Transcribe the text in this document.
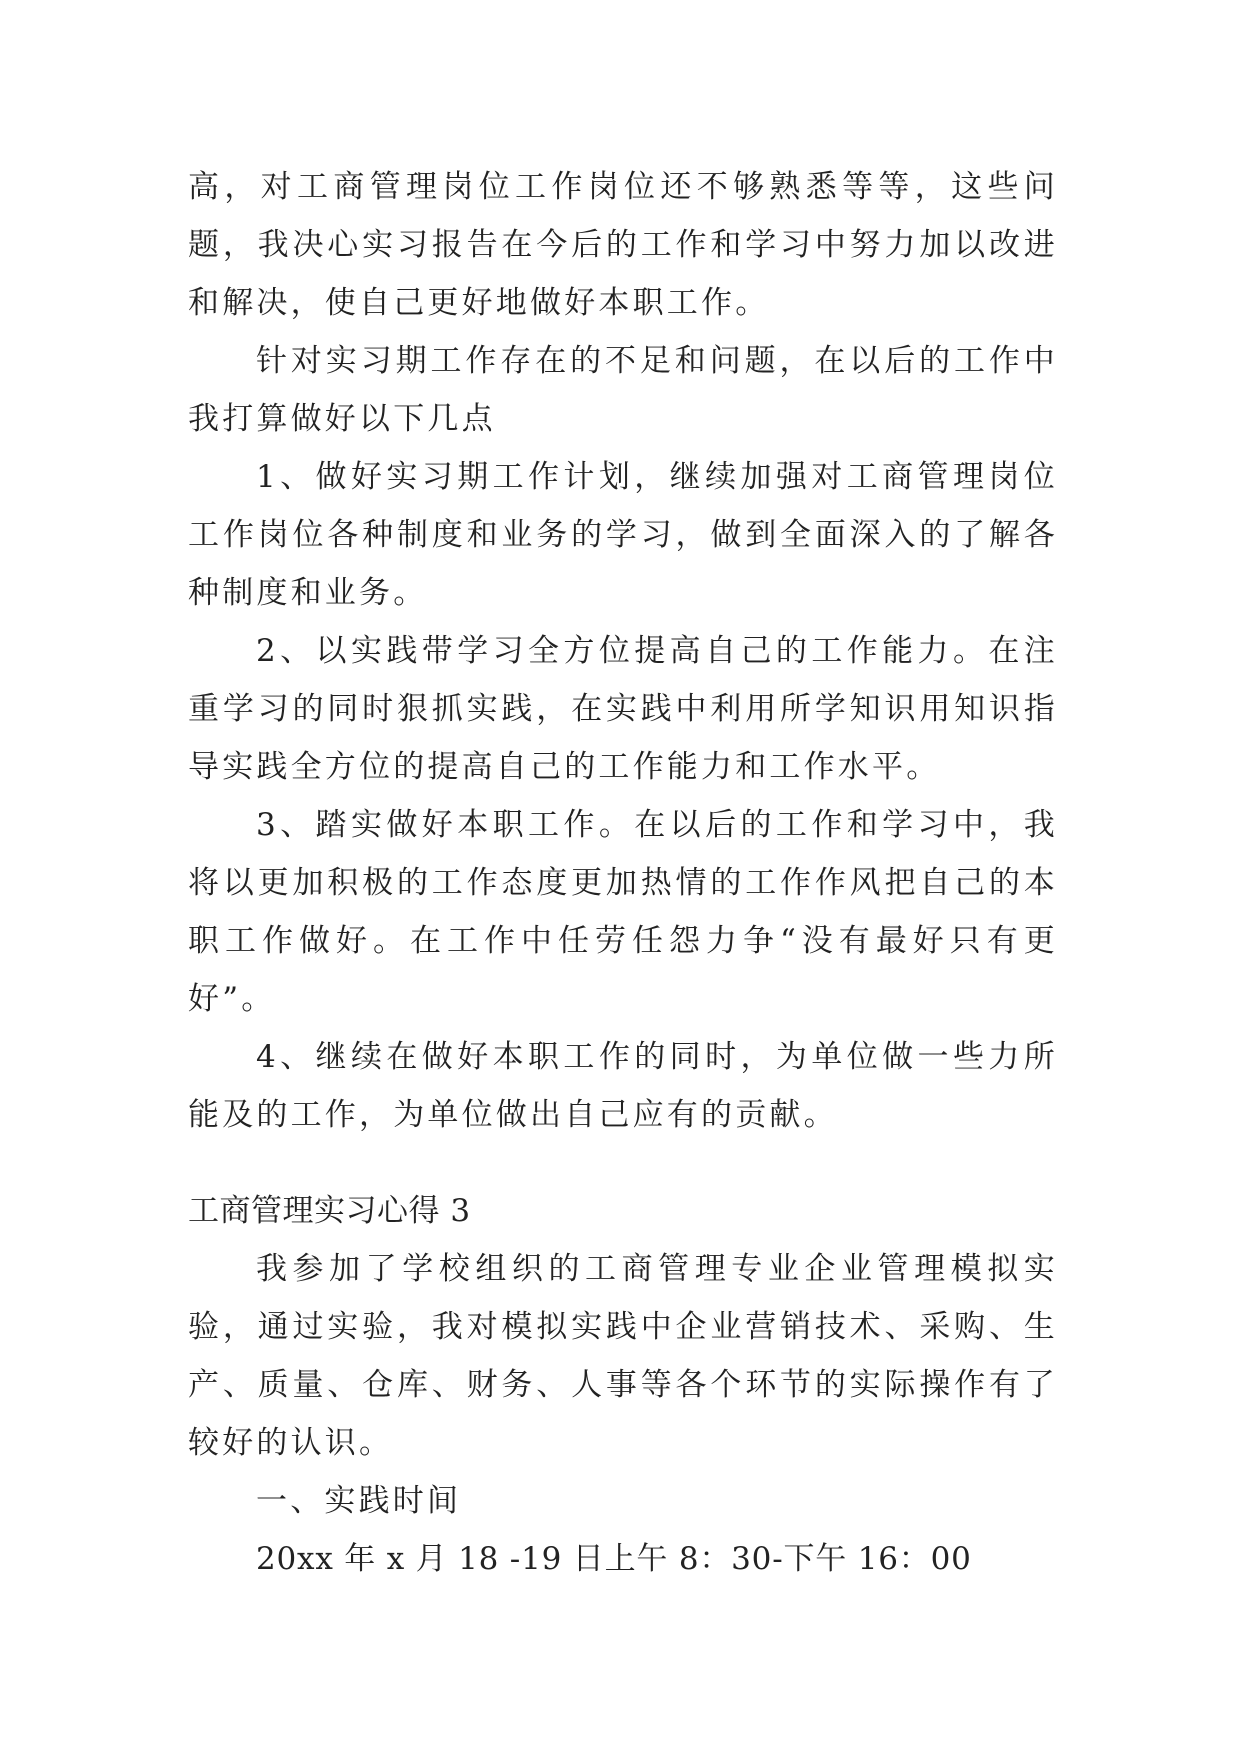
高，对工商管理岗位工作岗位还不够熟悉等等，这些问题，我决心实习报告在今后的工作和学习中努力加以改进和解决，使自己更好地做好本职工作。

针对实习期工作存在的不足和问题，在以后的工作中我打算做好以下几点

1、做好实习期工作计划，继续加强对工商管理岗位工作岗位各种制度和业务的学习，做到全面深入的了解各种制度和业务。

2、以实践带学习全方位提高自己的工作能力。在注重学习的同时狠抓实践，在实践中利用所学知识用知识指导实践全方位的提高自己的工作能力和工作水平。

3、踏实做好本职工作。在以后的工作和学习中，我将以更加积极的工作态度更加热情的工作作风把自己的本职工作做好。在工作中任劳任怨力争“没有最好只有更好”。

4、继续在做好本职工作的同时，为单位做一些力所能及的工作，为单位做出自己应有的贡献。

工商管理实习心得 3

我参加了学校组织的工商管理专业企业管理模拟实验，通过实验，我对模拟实践中企业营销技术、采购、生产、质量、仓库、财务、人事等各个环节的实际操作有了较好的认识。

一、实践时间

20xx 年 x 月 18 -19 日上午 8：30-下午 16：00
